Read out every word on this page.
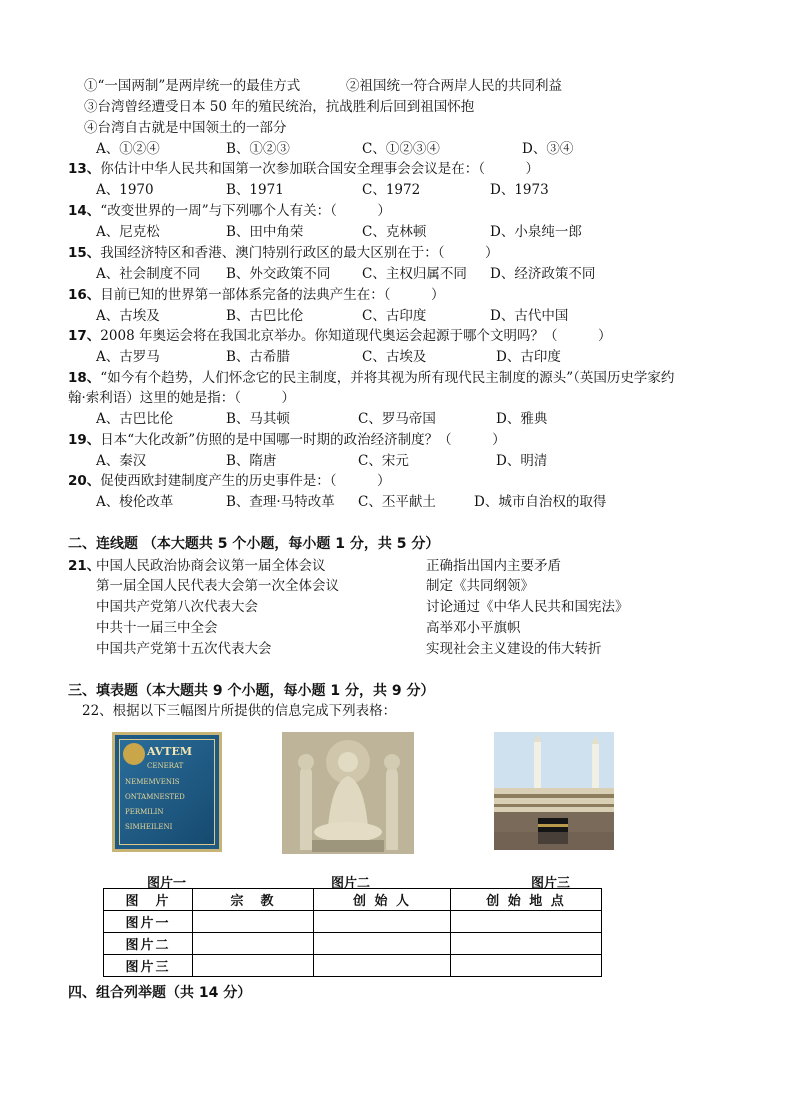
①“一国两制”是两岸统一的最佳方式	②祖国统一符合两岸人民的共同利益
③台湾曾经遭受日本 50 年的殖民统治，抗战胜利后回到祖国怀抱
④台湾自古就是中国领土的一部分
A、①②④	B、①②③	C、①②③④	D、③④
13、你估计中华人民共和国第一次参加联合国安全理事会会议是在：（　　　）
A、1970	B、1971	C、1972	D、1973
14、“改变世界的一周”与下列哪个人有关：（　　　）
A、尼克松	B、田中角荣	C、克林顿	D、小泉纯一郎
15、我国经济特区和香港、澳门特别行政区的最大区别在于：（　　　）
A、社会制度不同 B、外交政策不同 C、主权归属不同 D、经济政策不同
16、目前已知的世界第一部体系完备的法典产生在：（　　　）
A、古埃及	B、古巴比伦	C、古印度	D、古代中国
17、2008 年奥运会将在我国北京举办。你知道现代奥运会起源于哪个文明吗？（　　　）
A、古罗马	B、古希腊	C、古埃及	D、古印度
18、“如今有个趋势，人们怀念它的民主制度，并将其视为所有现代民主制度的源头”（英国历史学家约
翰·索利语）这里的她是指：（　　　）
A、古巴比伦	B、马其顿	C、罗马帝国	D、雅典
19、日本“大化改新”仿照的是中国哪一时期的政治经济制度？（　　　）
A、秦汉	B、隋唐	C、宋元	D、明清
20、促使西欧封建制度产生的历史事件是：（　　　）
A、梭伦改革	B、查理·马特改革 C、丕平献土	D、城市自治权的取得
二、连线题 （本大题共 5 个小题，每小题 1 分，共 5 分）
21、
中国人民政治协商会议第一届全体会议
第一届全国人民代表大会第一次全体会议
中国共产党第八次代表大会
中共十一届三中全会
中国共产党第十五次代表大会
正确指出国内主要矛盾
制定《共同纲领》
讨论通过《中华人民共和国宪法》
高举邓小平旗帜
实现社会主义建设的伟大转折
三、填表题（本大题共 9 个小题，每小题 1 分，共 9 分）
22、根据以下三幅图片所提供的信息完成下列表格：
AVTEM
CENERAT
NEMEMVENIS
ONTAMNESTED
PERMILIN
SIMHEILENI
图片一	图片二	图片三
图　片	宗　教	创 始 人	创 始 地 点
图片一			
图片二			
图片三			
四、组合列举题（共 14 分）
